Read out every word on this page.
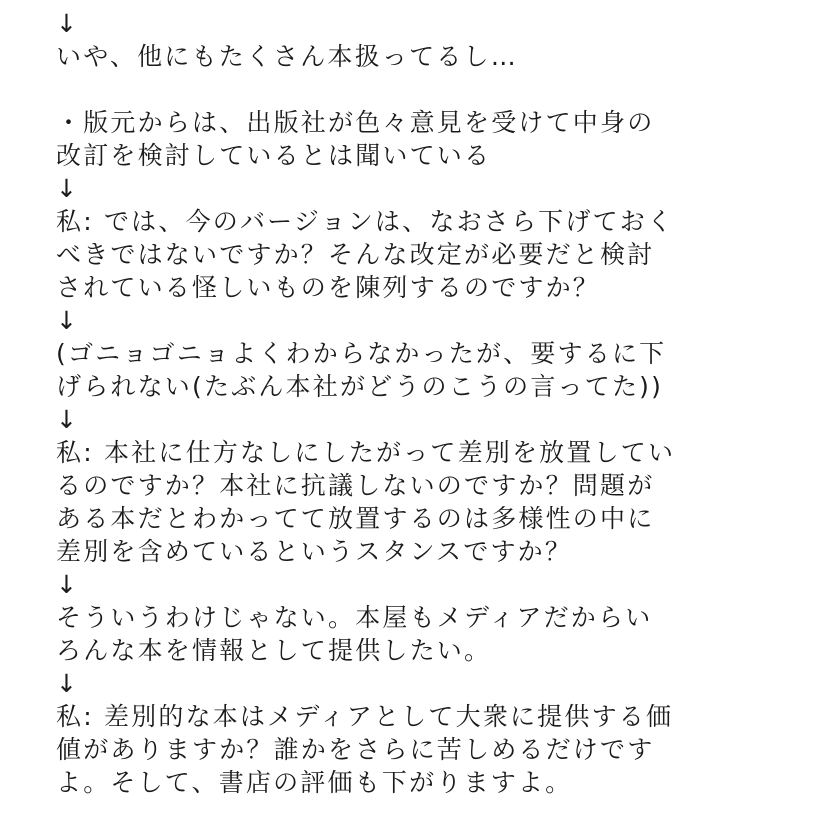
↓
いや、他にもたくさん本扱ってるし…
・版元からは、出版社が色々意見を受けて中身の
改訂を検討しているとは聞いている
↓
私: では、今のバージョンは、なおさら下げておく
べきではないですか？そんな改定が必要だと検討
されている怪しいものを陳列するのですか？
↓
(ゴニョゴニョよくわからなかったが、要するに下
げられない(たぶん本社がどうのこうの言ってた))
↓
私: 本社に仕方なしにしたがって差別を放置してい
るのですか？本社に抗議しないのですか？問題が
ある本だとわかってて放置するのは多様性の中に
差別を含めているというスタンスですか？
↓
そういうわけじゃない。本屋もメディアだからい
ろんな本を情報として提供したい。
↓
私: 差別的な本はメディアとして大衆に提供する価
値がありますか？誰かをさらに苦しめるだけです
よ。そして、書店の評価も下がりますよ。
